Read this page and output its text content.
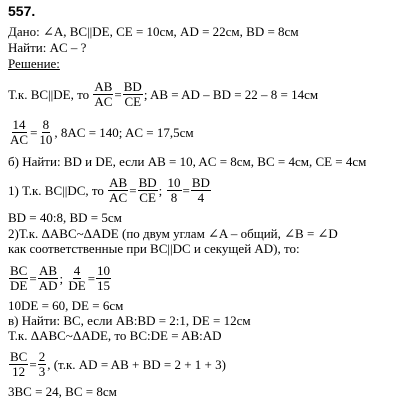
557.
Дано: ∠A, BC||DE, CE = 10см, AD = 22см, BD = 8см
Найти: AC – ?
Решение:
Т.к. BC||DE, то
$\frac{AB}{AC} = \frac{BD}{CE}$ ; AB = AD – BD = 22 – 8 = 14см
$\frac{14}{AC} = \frac{8}{10}$ , 8AC = 140; AC = 17,5см
б) Найти: BD и DE, если AB = 10, AC = 8см, BC = 4см, CE = 4см
1) Т.к. BC||DC, то
$\frac{AB}{AC} = \frac{BD}{CE}$ ;
$\frac{10}{8} = \frac{BD}{4}$
BD = 40:8, BD = 5см
2)Т.к. ΔABC~ΔADE (по двум углам ∠A – общий, ∠B = ∠D
как соответственные при BC||DC и секущей AD), то:
$\frac{BC}{DE} = \frac{AB}{AD}$ ;
$\frac{4}{DE} = \frac{10}{15}$
10DE = 60, DE = 6см
в) Найти: BC, если AB:BD = 2:1, DE = 12см
Т.к. ΔABC~ΔADE, то BC:DE = AB:AD
$\frac{BC}{12} = \frac{2}{3}$ , (т.к. AD = AB + BD = 2 + 1 + 3)
3BC = 24, BC = 8см
